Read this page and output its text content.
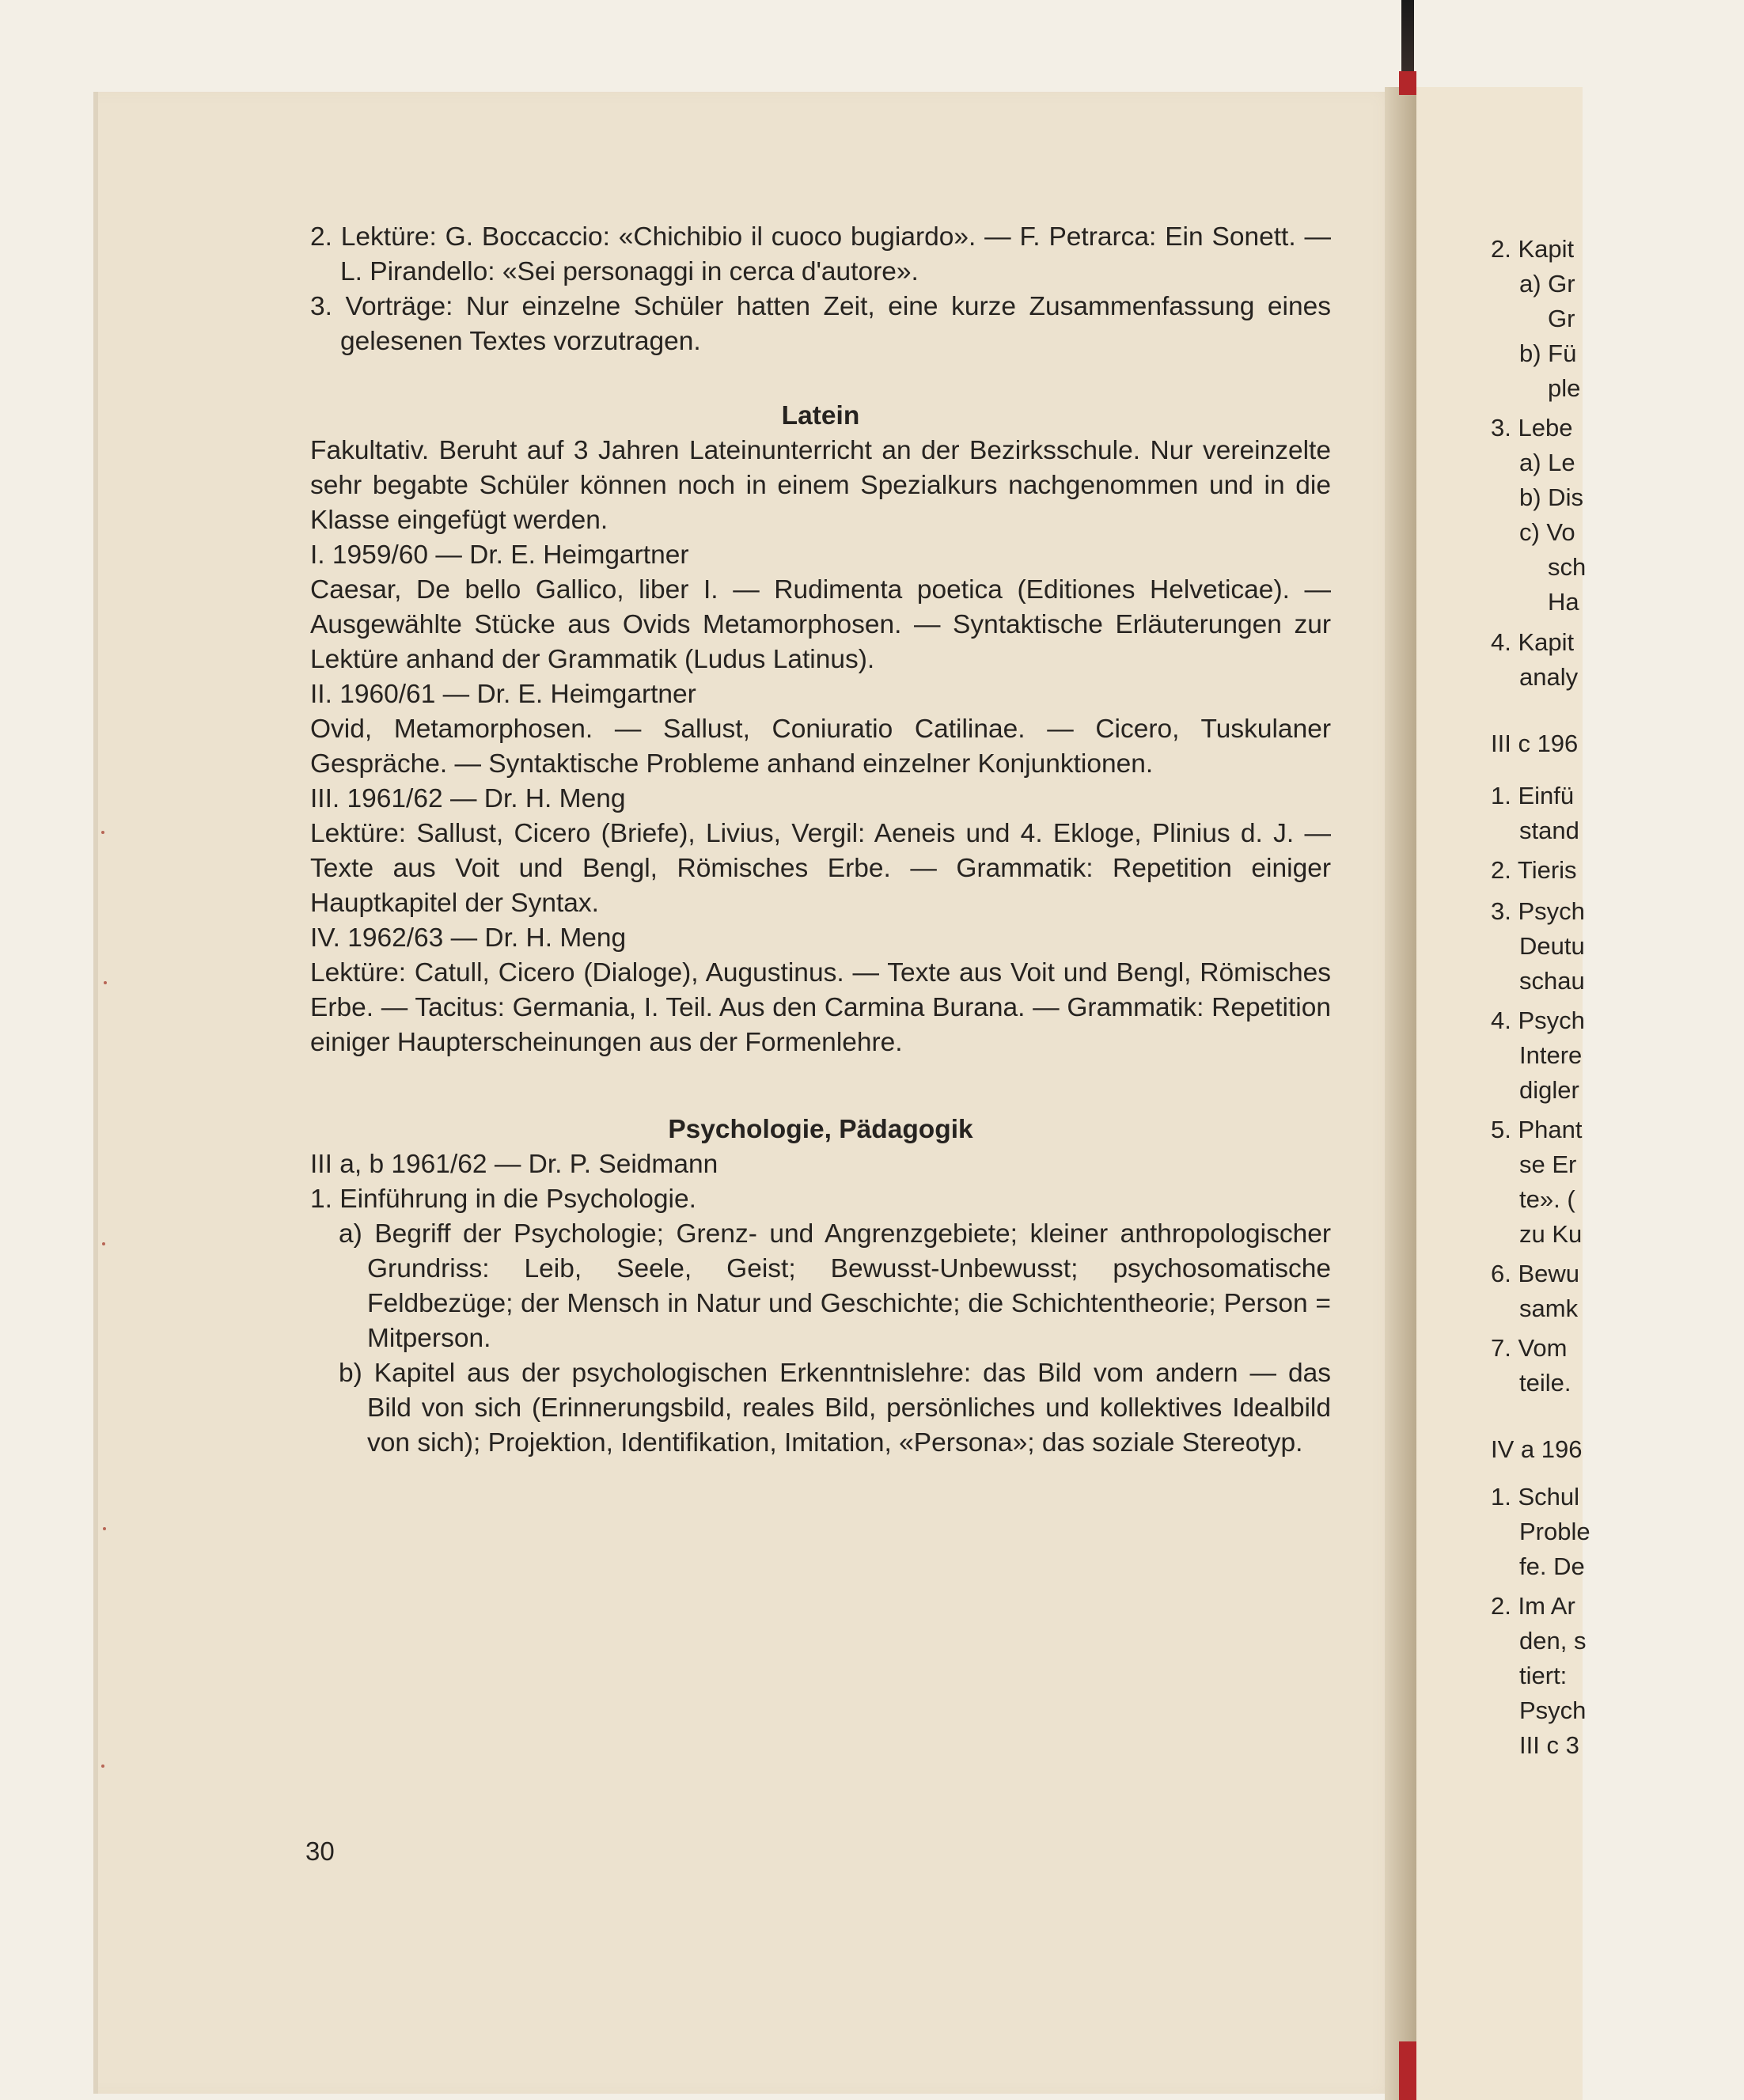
2. Lektüre: G. Boccaccio: «Chichibio il cuoco bugiardo». — F. Petrarca: Ein Sonett. — L. Pirandello: «Sei personaggi in cerca d'autore».

3. Vorträge: Nur einzelne Schüler hatten Zeit, eine kurze Zusammenfassung eines gelesenen Textes vorzutragen.

Latein

Fakultativ. Beruht auf 3 Jahren Lateinunterricht an der Bezirksschule. Nur vereinzelte sehr begabte Schüler können noch in einem Spezialkurs nachgenommen und in die Klasse eingefügt werden.

I. 1959/60 — Dr. E. Heimgartner

Caesar, De bello Gallico, liber I. — Rudimenta poetica (Editiones Helveticae). — Ausgewählte Stücke aus Ovids Metamorphosen. — Syntaktische Erläuterungen zur Lektüre anhand der Grammatik (Ludus Latinus).

II. 1960/61 — Dr. E. Heimgartner

Ovid, Metamorphosen. — Sallust, Coniuratio Catilinae. — Cicero, Tuskulaner Gespräche. — Syntaktische Probleme anhand einzelner Konjunktionen.

III. 1961/62 — Dr. H. Meng

Lektüre: Sallust, Cicero (Briefe), Livius, Vergil: Aeneis und 4. Ekloge, Plinius d. J. — Texte aus Voit und Bengl, Römisches Erbe. — Grammatik: Repetition einiger Hauptkapitel der Syntax.

IV. 1962/63 — Dr. H. Meng

Lektüre: Catull, Cicero (Dialoge), Augustinus. — Texte aus Voit und Bengl, Römisches Erbe. — Tacitus: Germania, I. Teil. Aus den Carmina Burana. — Grammatik: Repetition einiger Haupterscheinungen aus der Formenlehre.

Psychologie, Pädagogik

III a, b 1961/62 — Dr. P. Seidmann

1. Einführung in die Psychologie.

a) Begriff der Psychologie; Grenz- und Angrenzgebiete; kleiner anthropologischer Grundriss: Leib, Seele, Geist; Bewusst-Unbewusst; psychosomatische Feldbezüge; der Mensch in Natur und Geschichte; die Schichtentheorie; Person = Mitperson.

b) Kapitel aus der psychologischen Erkenntnislehre: das Bild vom andern — das Bild von sich (Erinnerungsbild, reales Bild, persönliches und kollektives Idealbild von sich); Projektion, Identifikation, Imitation, «Persona»; das soziale Stereotyp.

30
2. Kapit
a) Gr
Gr
b) Fü
ple
3. Lebe
a) Le
b) Dis
c) Vo
sch
Ha
4. Kapit
analy
III c 196
1. Einfü
stand
2. Tieris
3. Psych
Deutu
schau
4. Psych
Intere
digler
5. Phant
se Er
te». (
zu Ku
6. Bewu
samk
7. Vom
teile.
IV a 196
1. Schul
Proble
fe. De
2. Im Ar
den, s
tiert:
Psych
III c 3
